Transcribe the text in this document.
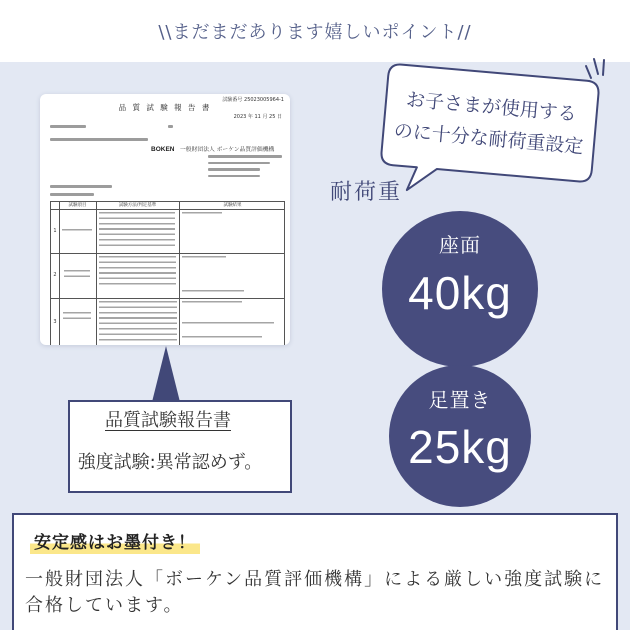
\\まだまだあります嬉しいポイント//
試験番号 25023005964-1
品 質 試 験 報 告 書
2023 年 11 月 25 日
BOKEN 一般財団法人 ボーケン品質評価機構
試験項目	試験方法/判定基準	試験結果
1
2
3
品質試験報告書
強度試験:異常認めず。
お子さまが使用する
のに十分な耐荷重設定
耐荷重
座面
40kg
足置き
25kg
安定感はお墨付き！
一般財団法人「ボーケン品質評価機構」による厳しい強度試験に
合格しています。
